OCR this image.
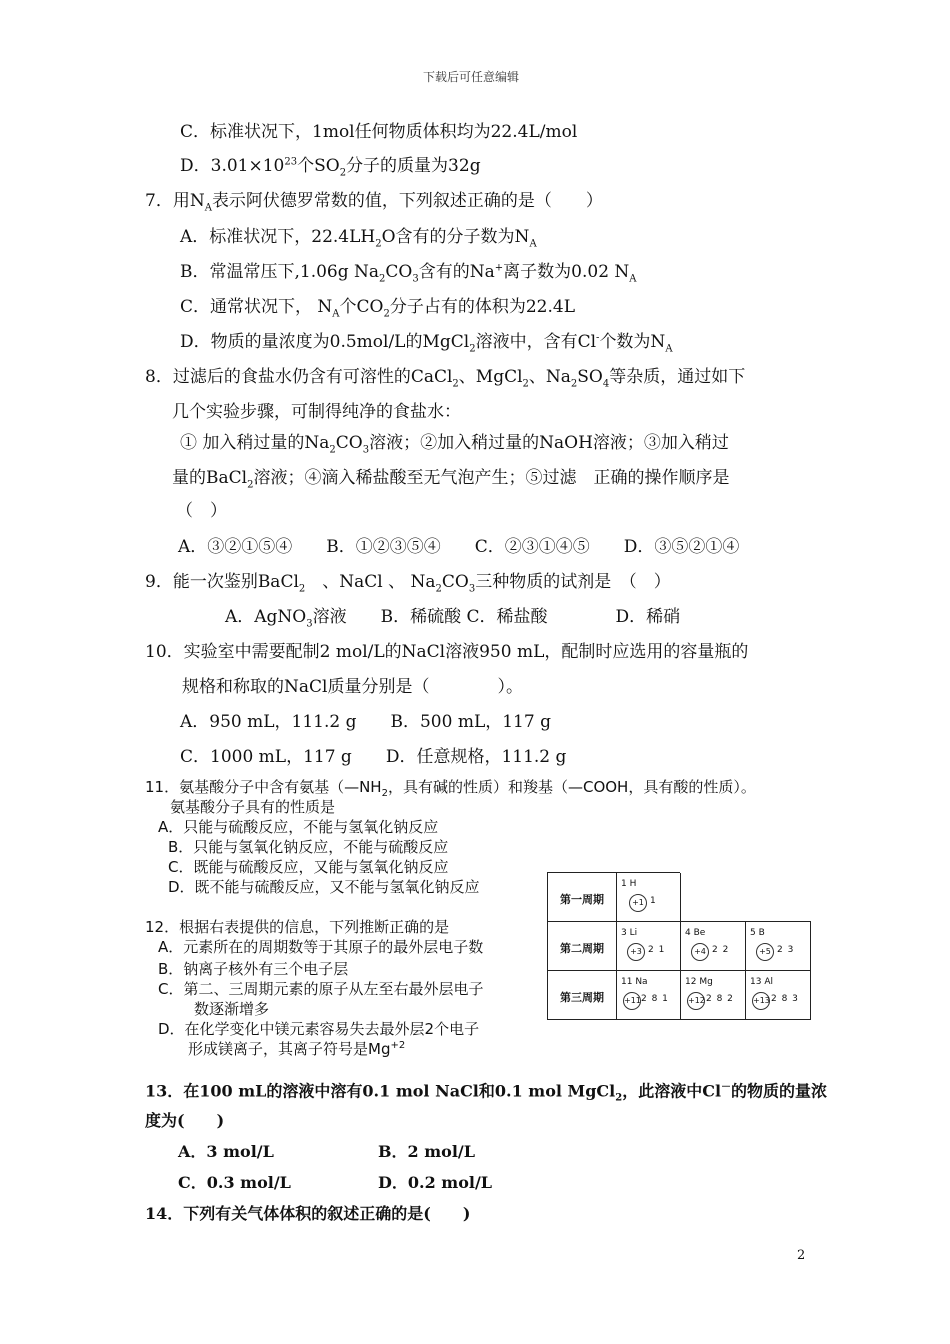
下载后可任意编辑
C．标准状况下，1mol任何物质体积均为22.4L/mol
D．$3.01\times 10^{23}$个$SO_2$分子的质量为32g
7．用$N_A$表示阿伏德罗常数的值，下列叙述正确的是（　　）
A．标准状况下，$22.4LH_2O$含有的分子数为$N_A$
B．常温常压下,1.06g $Na_2CO_3$含有的Na+离子数为0.02 $N_A$
C．通常状况下， $N_A$个$CO_2$分子占有的体积为22.4L
D．物质的量浓度为0.5mol/L的MgCl$_2$溶液中，含有Cl-个数为$N_A$
8．过滤后的食盐水仍含有可溶性的CaCl$_2$、MgCl$_2$、$Na_2SO_4$等杂质，通过如下
几个实验步骤，可制得纯净的食盐水：
① 加入稍过量的$Na_2CO_3$溶液；②加入稍过量的NaOH溶液；③加入稍过
量的BaCl$_2$溶液；④滴入稀盐酸至无气泡产生；⑤过滤　正确的操作顺序是
（　）
A．③②①⑤④　　B．①②③⑤④　　C．②③①④⑤　　D．③⑤②①④
9．能一次鉴别BaCl$_2$　、NaCl 、 $Na_2CO_3$三种物质的试剂是　（　）
A．AgNO$_3$溶液　　B．稀硫酸 C．稀盐酸　　　　D．稀硝
10．实验室中需要配制2 mol/L的NaCl溶液950 mL，配制时应选用的容量瓶的
规格和称取的NaCl质量分别是（　　　　）。
A．950 mL，111.2 g　　B．500 mL，117 g
C．1000 mL，117 g　　D．任意规格，111.2 g
11．氨基酸分子中含有氨基（$—NH_2$，具有碱的性质）和羧基（—COOH，具有酸的性质）。
氨基酸分子具有的性质是
A．只能与硫酸反应，不能与氢氧化钠反应
B．只能与氢氧化钠反应，不能与硫酸反应
C．既能与硫酸反应，又能与氢氧化钠反应
D．既不能与硫酸反应，又不能与氢氧化钠反应
12．根据右表提供的信息，下列推断正确的是
A．元素所在的周期数等于其原子的最外层电子数
B．钠离子核外有三个电子层
C．第二、三周期元素的原子从左至右最外层电子
数逐渐增多
D．在化学变化中镁元素容易失去最外层2个电子
形成镁离子，其离子符号是$Mg^{+2}$
第一周期
第二周期
第三周期
1 H
+1 1
3 Li
+3 2 1
4 Be
+4 2 2
5 B
+5 2 3
11 Na
+11 2 8 1
12 Mg
+12 2 8 2
13 Al
+13 2 8 3
13．在100 mL的溶液中溶有0.1 mol NaCl和0.1 mol MgCl$_2$，此溶液中Cl－的物质的量浓
度为(　　)
A．3 mol/L	B．2 mol/L
C．0.3 mol/L	D．0.2 mol/L
14．下列有关气体体积的叙述正确的是(　　)
2
